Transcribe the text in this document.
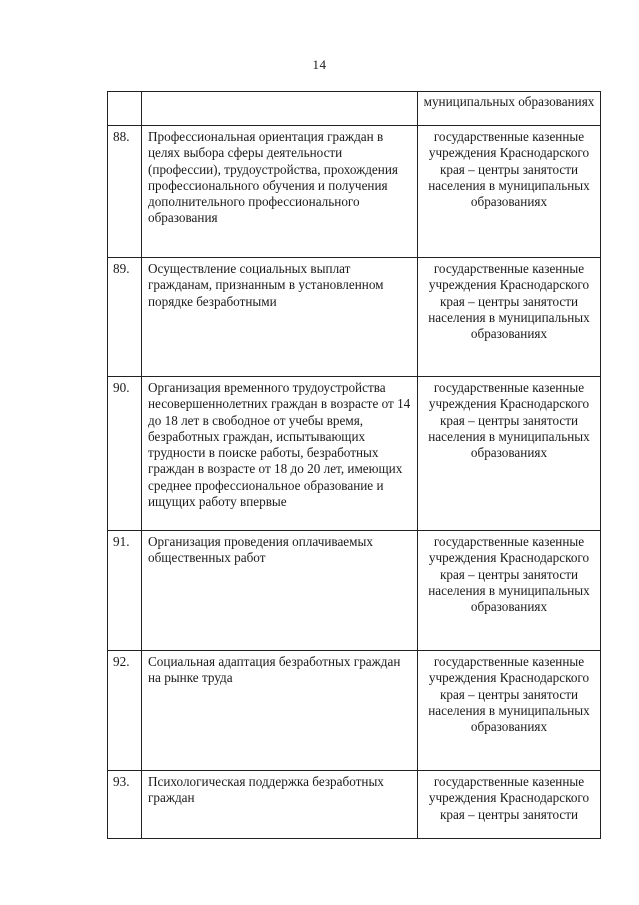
14
		муниципальных образованиях
88.	Профессиональная ориентация граждан в целях выбора сферы деятельности (профессии), трудоустройства, прохождения профессионального обучения и получения дополнительного профессионального образования	государственные казенные учреждения Краснодарского края – центры занятости населения в муниципальных образованиях
89.	Осуществление социальных выплат гражданам, признанным в установленном порядке безработными	государственные казенные учреждения Краснодарского края – центры занятости населения в муниципальных образованиях
90.	Организация временного трудоустройства несовершеннолетних граждан в возрасте от 14 до 18 лет в свободное от учебы время, безработных граждан, испытывающих трудности в поиске работы, безработных граждан в возрасте от 18 до 20 лет, имеющих среднее профессиональное образование и ищущих работу впервые	государственные казенные учреждения Краснодарского края – центры занятости населения в муниципальных образованиях
91.	Организация проведения оплачиваемых общественных работ	государственные казенные учреждения Краснодарского края – центры занятости населения в муниципальных образованиях
92.	Социальная адаптация безработных граждан на рынке труда	государственные казенные учреждения Краснодарского края – центры занятости населения в муниципальных образованиях
93.	Психологическая поддержка безработных граждан	государственные казенные учреждения Краснодарского края – центры занятости
